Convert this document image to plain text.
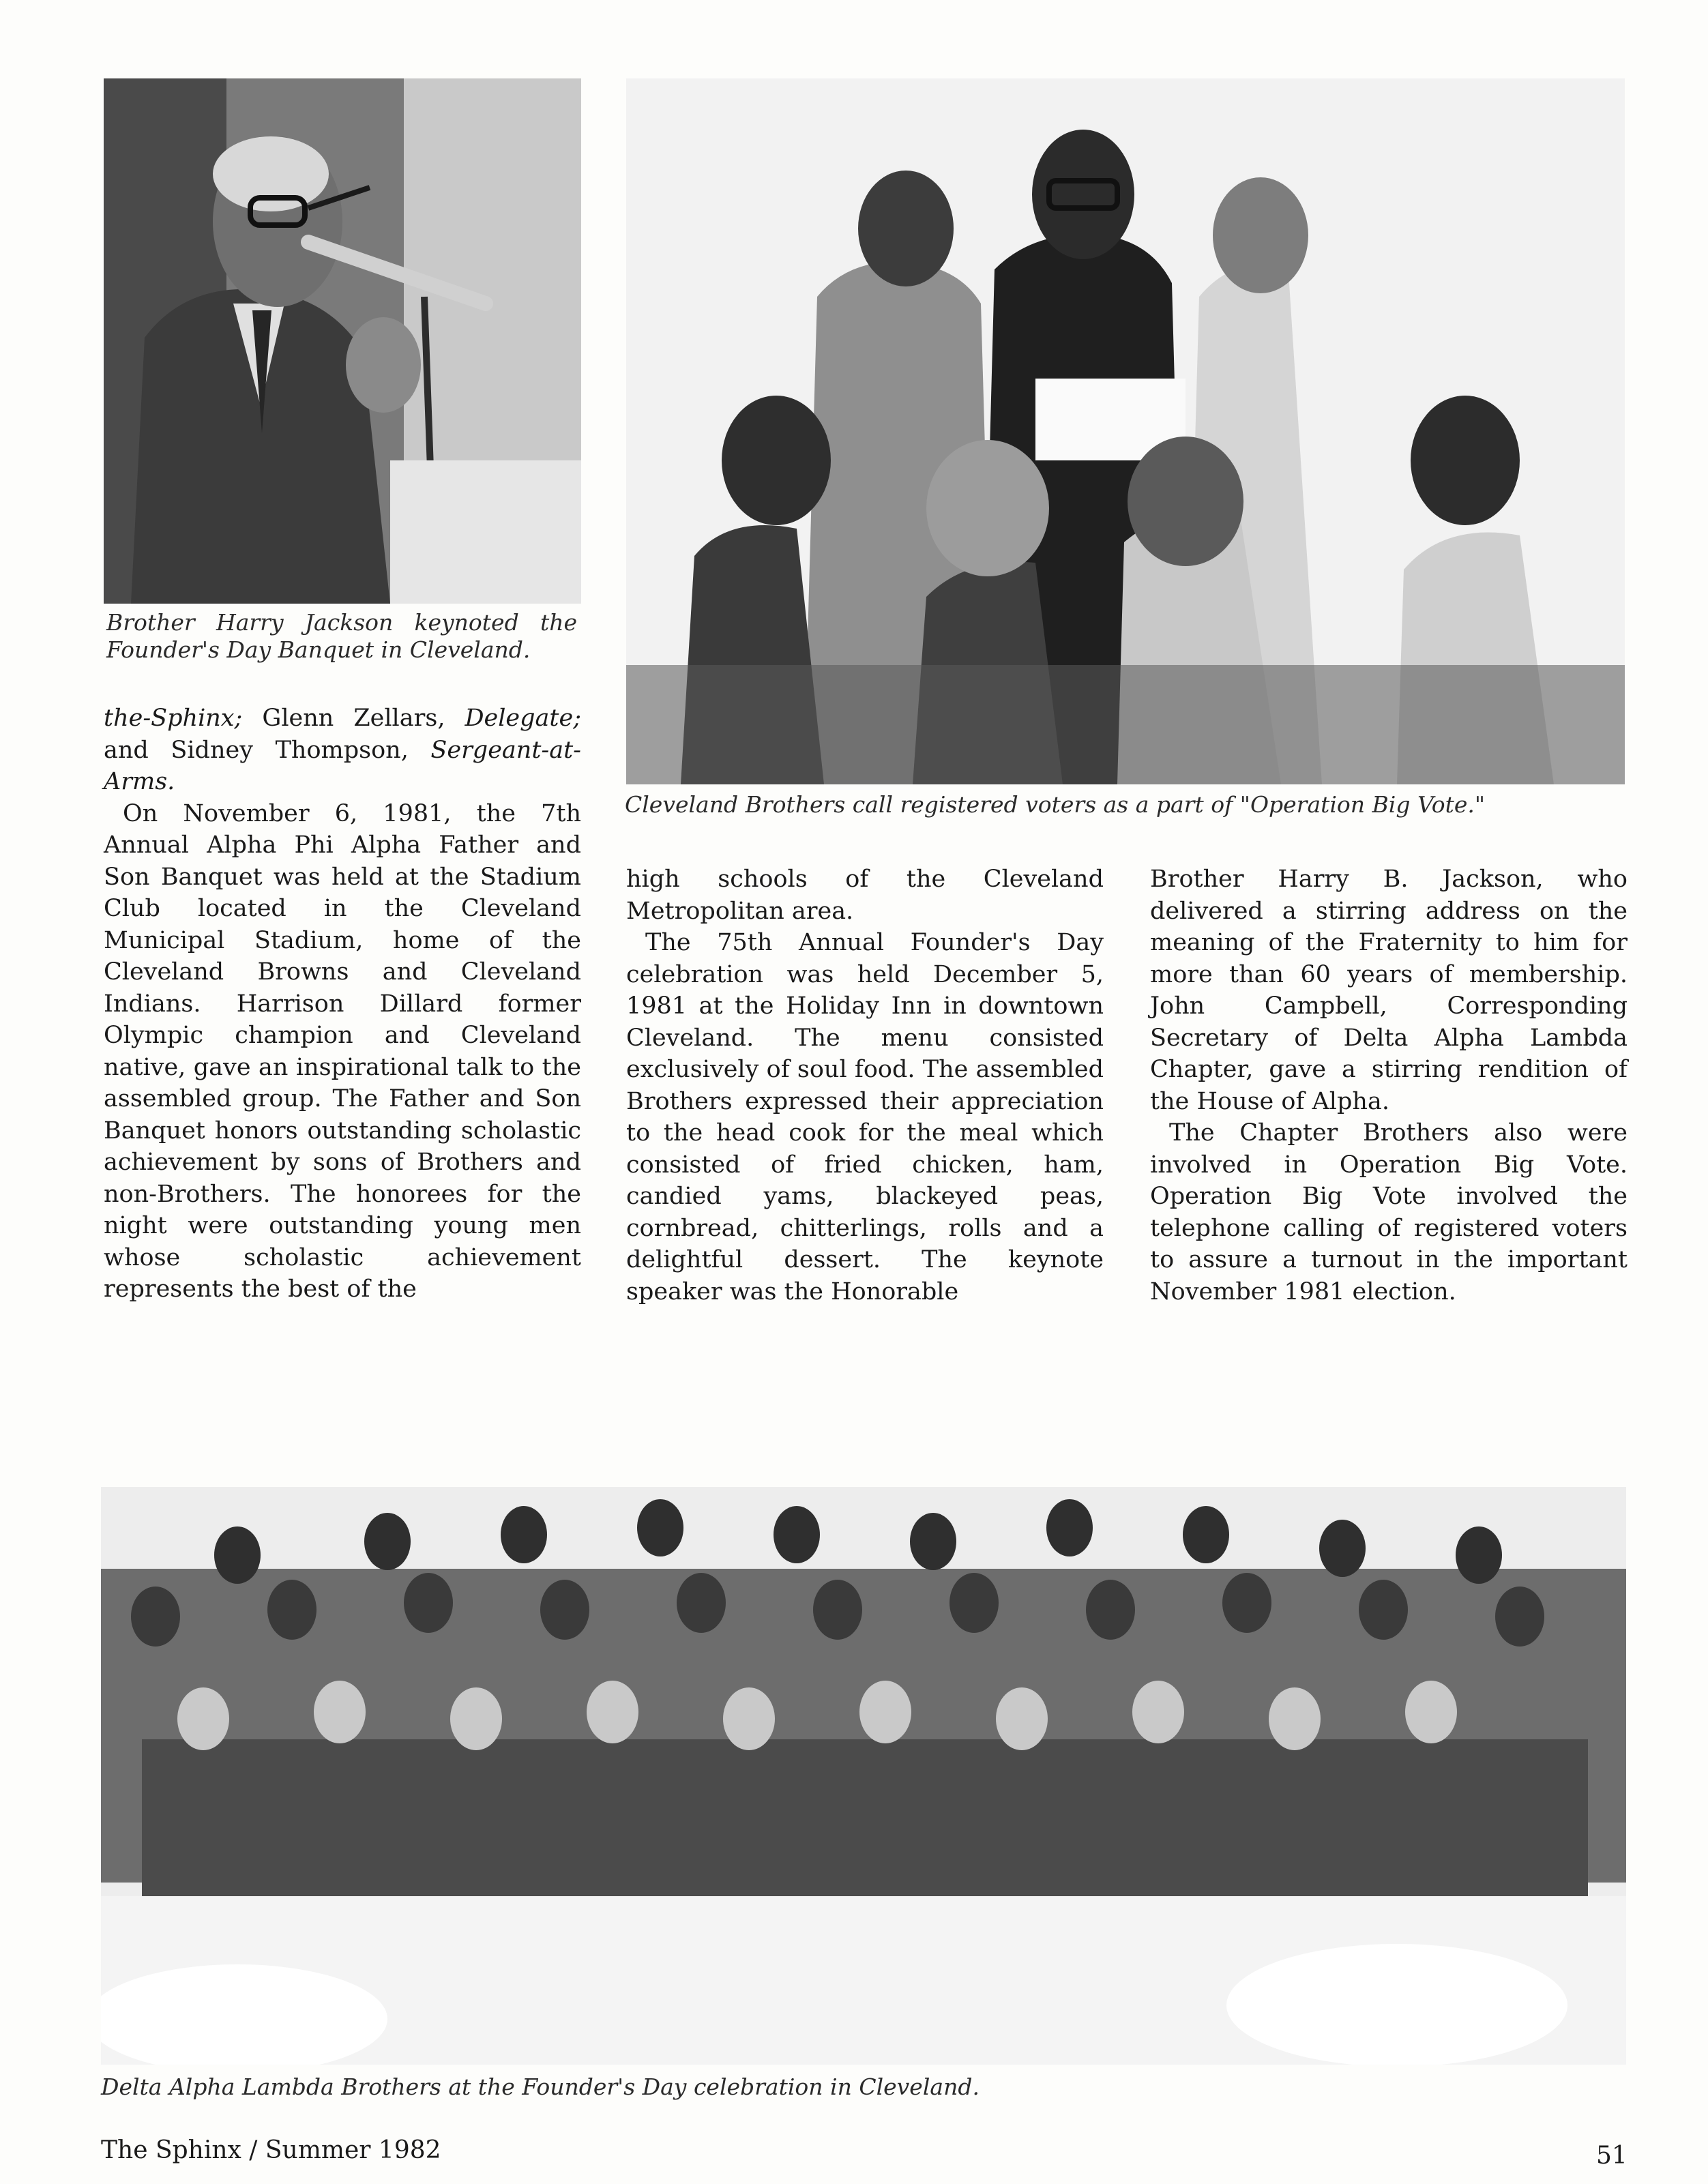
Brother Harry Jackson keynoted the Founder's Day Banquet in Cleveland.

Cleveland Brothers call registered voters as a part of "Operation Big Vote."

the-Sphinx; Glenn Zellars, Delegate; and Sidney Thompson, Sergeant-at-Arms.

On November 6, 1981, the 7th Annual Alpha Phi Alpha Father and Son Banquet was held at the Stadium Club located in the Cleveland Municipal Stadium, home of the Cleveland Browns and Cleveland Indians. Harrison Dillard former Olympic champion and Cleveland native, gave an inspirational talk to the assembled group. The Father and Son Banquet honors outstanding scholastic achievement by sons of Brothers and non-Brothers. The honorees for the night were outstanding young men whose scholastic achievement represents the best of the

high schools of the Cleveland Metropolitan area.

The 75th Annual Founder's Day celebration was held December 5, 1981 at the Holiday Inn in downtown Cleveland. The menu consisted exclusively of soul food. The assembled Brothers expressed their appreciation to the head cook for the meal which consisted of fried chicken, ham, candied yams, blackeyed peas, cornbread, chitterlings, rolls and a delightful dessert. The keynote speaker was the Honorable

Brother Harry B. Jackson, who delivered a stirring address on the meaning of the Fraternity to him for more than 60 years of membership. John Campbell, Corresponding Secretary of Delta Alpha Lambda Chapter, gave a stirring rendition of the House of Alpha.

The Chapter Brothers also were involved in Operation Big Vote. Operation Big Vote involved the telephone calling of registered voters to assure a turnout in the important November 1981 election.

Delta Alpha Lambda Brothers at the Founder's Day celebration in Cleveland.

The Sphinx / Summer 1982	51
